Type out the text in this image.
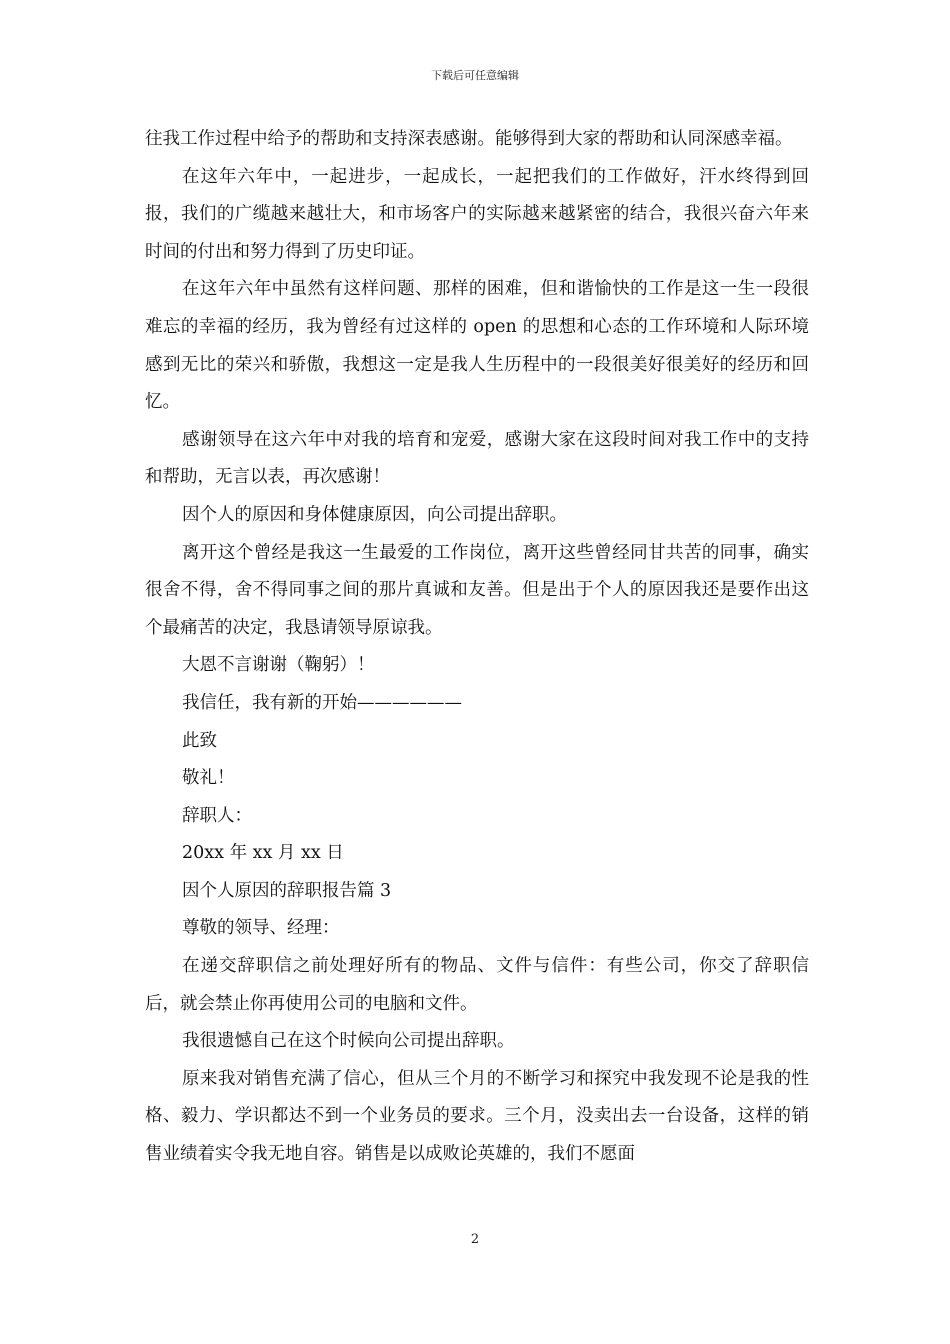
下载后可任意编辑

往我工作过程中给予的帮助和支持深表感谢。能够得到大家的帮助和认同深感幸福。

在这年六年中，一起进步，一起成长，一起把我们的工作做好，汗水终得到回报，我们的广缆越来越壮大，和市场客户的实际越来越紧密的结合，我很兴奋六年来时间的付出和努力得到了历史印证。

在这年六年中虽然有这样问题、那样的困难，但和谐愉快的工作是这一生一段很难忘的幸福的经历，我为曾经有过这样的 open 的思想和心态的工作环境和人际环境感到无比的荣兴和骄傲，我想这一定是我人生历程中的一段很美好很美好的经历和回忆。

感谢领导在这六年中对我的培育和宠爱，感谢大家在这段时间对我工作中的支持和帮助，无言以表，再次感谢！

因个人的原因和身体健康原因，向公司提出辞职。

离开这个曾经是我这一生最爱的工作岗位，离开这些曾经同甘共苦的同事，确实很舍不得，舍不得同事之间的那片真诚和友善。但是出于个人的原因我还是要作出这个最痛苦的决定，我恳请领导原谅我。

大恩不言谢谢（鞠躬）！

我信任，我有新的开始——————

此致

敬礼！

辞职人：

20xx 年 xx 月 xx 日

因个人原因的辞职报告篇 3

尊敬的领导、经理：

在递交辞职信之前处理好所有的物品、文件与信件：有些公司，你交了辞职信后，就会禁止你再使用公司的电脑和文件。

我很遗憾自己在这个时候向公司提出辞职。

原来我对销售充满了信心，但从三个月的不断学习和探究中我发现不论是我的性格、毅力、学识都达不到一个业务员的要求。三个月，没卖出去一台设备，这样的销售业绩着实令我无地自容。销售是以成败论英雄的，我们不愿面

2
